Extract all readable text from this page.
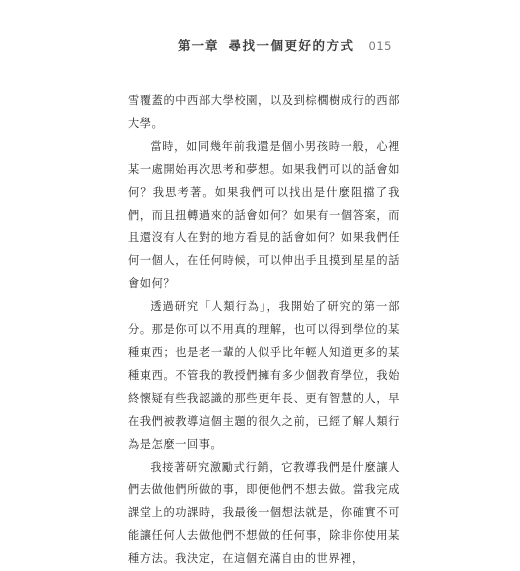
第一章 尋找一個更好的方式 015

雪覆蓋的中西部大學校園，以及到棕櫚樹成行的西部大學。

當時，如同幾年前我還是個小男孩時一般，心裡某一處開始再次思考和夢想。如果我們可以的話會如何？我思考著。如果我們可以找出是什麼阻擋了我們，而且扭轉過來的話會如何？如果有一個答案，而且還沒有人在對的地方看見的話會如何？如果我們任何一個人，在任何時候，可以伸出手且摸到星星的話會如何？

透過研究「人類行為」，我開始了研究的第一部分。那是你可以不用真的理解，也可以得到學位的某種東西；也是老一輩的人似乎比年輕人知道更多的某種東西。不管我的教授們擁有多少個教育學位，我始終懷疑有些我認識的那些更年長、更有智慧的人，早在我們被教導這個主題的很久之前，已經了解人類行為是怎麼一回事。

我接著研究激勵式行銷，它教導我們是什麼讓人們去做他們所做的事，即便他們不想去做。當我完成課堂上的功課時，我最後一個想法就是，你確實不可能讓任何人去做他們不想做的任何事，除非你使用某種方法。我決定，在這個充滿自由的世界裡，
